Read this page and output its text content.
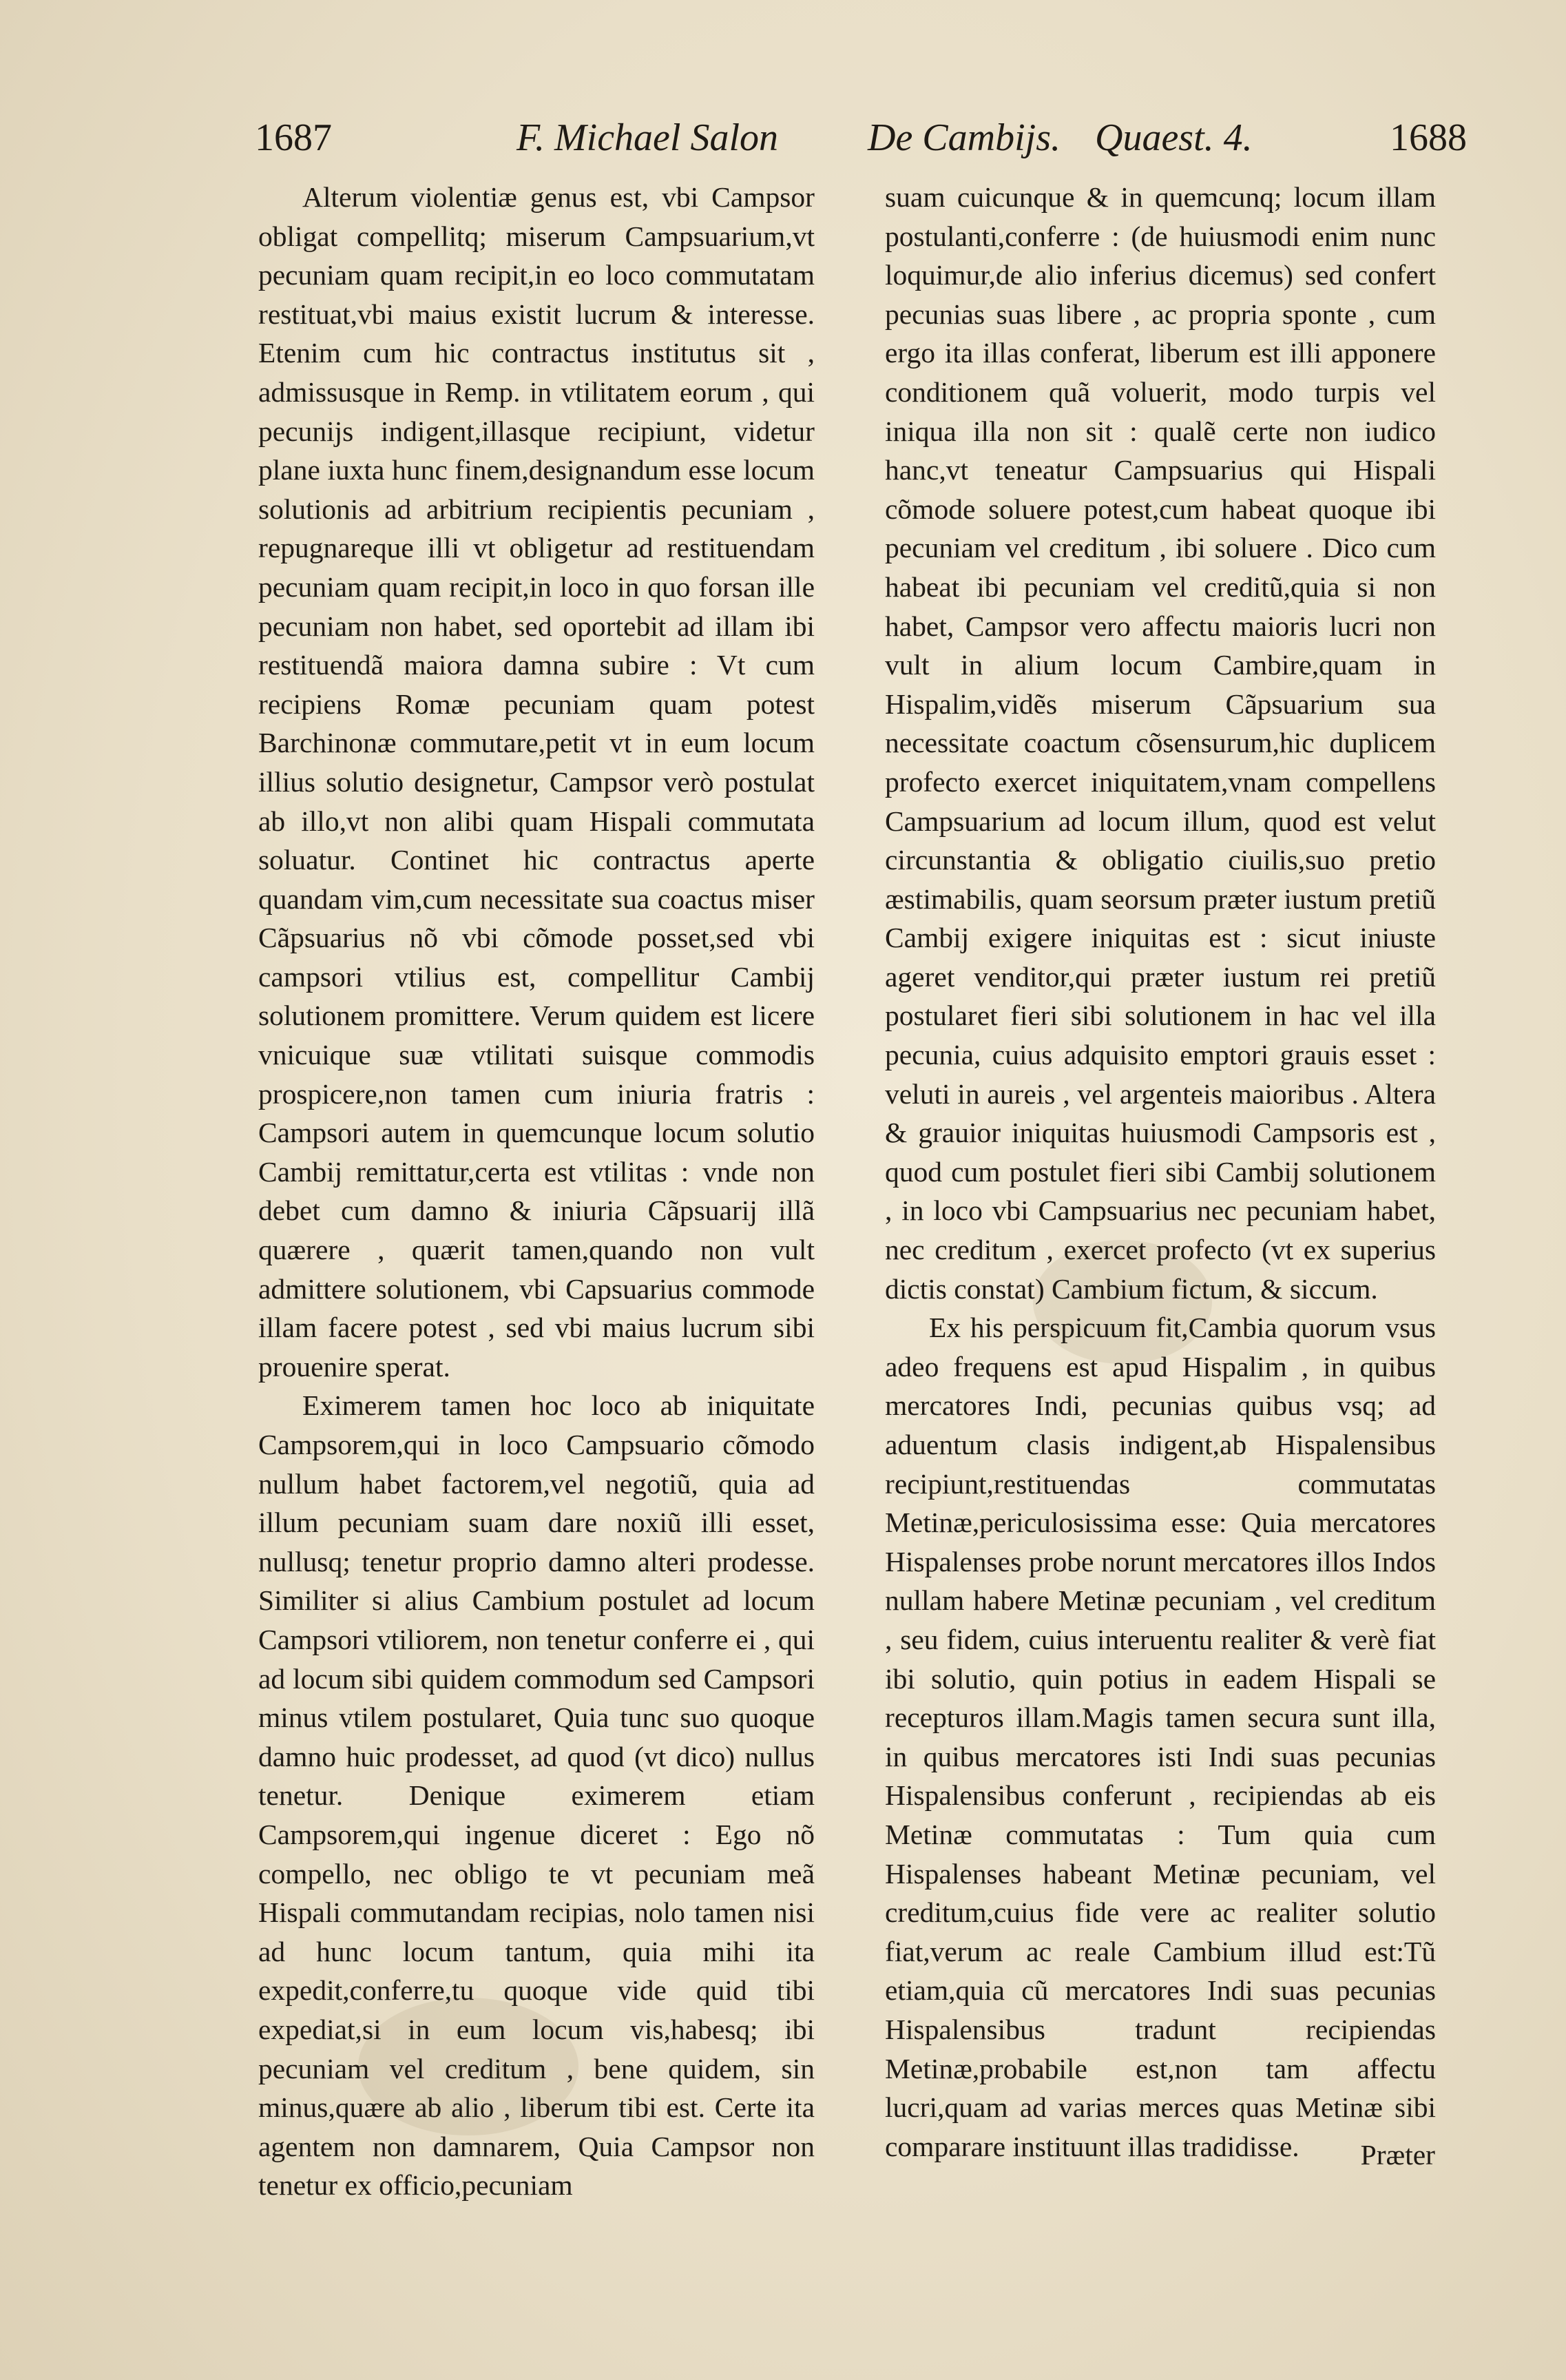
1687	F. Michael Salon De Cambijs. Quaest. 4.	1688

Alterum violentiæ genus est, vbi Campsor obligat compellitq; miserum Campsuarium,vt pecuniam quam recipit,in eo loco commutatam restituat,vbi maius existit lucrum & interesse. Etenim cum hic contractus institutus sit , admissusque in Remp. in vtilitatem eorum , qui pecunijs indigent,illasque recipiunt, videtur plane iuxta hunc finem,designandum esse locum solutionis ad arbitrium recipientis pecuniam , repugnareque illi vt obligetur ad restituendam pecuniam quam recipit,in loco in quo forsan ille pecuniam non habet, sed oportebit ad illam ibi restituendã maiora damna subire : Vt cum recipiens Romæ pecuniam quam potest Barchinonæ commutare,petit vt in eum locum illius solutio designetur, Campsor verò postulat ab illo,vt non alibi quam Hispali commutata soluatur. Continet hic contractus aperte quandam vim,cum necessitate sua coactus miser Cãpsuarius nõ vbi cõmode posset,sed vbi campsori vtilius est, compellitur Cambij solutionem promittere. Verum quidem est licere vnicuique suæ vtilitati suisque commodis prospicere,non tamen cum iniuria fratris : Campsori autem in quemcunque locum solutio Cambij remittatur,certa est vtilitas : vnde non debet cum damno & iniuria Cãpsuarij illã quærere , quærit tamen,quando non vult admittere solutionem, vbi Capsuarius commode illam facere potest , sed vbi maius lucrum sibi prouenire sperat.

Eximerem tamen hoc loco ab iniquitate Campsorem,qui in loco Campsuario cõmodo nullum habet factorem,vel negotiũ, quia ad illum pecuniam suam dare noxiũ illi esset, nullusq; tenetur proprio damno alteri prodesse. Similiter si alius Cambium postulet ad locum Campsori vtiliorem, non tenetur conferre ei , qui ad locum sibi quidem commodum sed Campsori minus vtilem postularet, Quia tunc suo quoque damno huic prodesset, ad quod (vt dico) nullus tenetur. Denique eximerem etiam Campsorem,qui ingenue diceret : Ego nõ compello, nec obligo te vt pecuniam meã Hispali commutandam recipias, nolo tamen nisi ad hunc locum tantum, quia mihi ita expedit,conferre,tu quoque vide quid tibi expediat,si in eum locum vis,habesq; ibi pecuniam vel creditum , bene quidem, sin minus,quære ab alio , liberum tibi est. Certe ita agentem non damnarem, Quia Campsor non tenetur ex officio,pecuniam

suam cuicunque & in quemcunq; locum illam postulanti,conferre : (de huiusmodi enim nunc loquimur,de alio inferius dicemus) sed confert pecunias suas libere , ac propria sponte , cum ergo ita illas conferat, liberum est illi apponere conditionem quã voluerit, modo turpis vel iniqua illa non sit : qualẽ certe non iudico hanc,vt teneatur Campsuarius qui Hispali cõmode soluere potest,cum habeat quoque ibi pecuniam vel creditum , ibi soluere . Dico cum habeat ibi pecuniam vel creditũ,quia si non habet, Campsor vero affectu maioris lucri non vult in alium locum Cambire,quam in Hispalim,vidẽs miserum Cãpsuarium sua necessitate coactum cõsensurum,hic duplicem profecto exercet iniquitatem,vnam compellens Campsuarium ad locum illum, quod est velut circunstantia & obligatio ciuilis,suo pretio æstimabilis, quam seorsum præter iustum pretiũ Cambij exigere iniquitas est : sicut iniuste ageret venditor,qui præter iustum rei pretiũ postularet fieri sibi solutionem in hac vel illa pecunia, cuius adquisito emptori grauis esset : veluti in aureis , vel argenteis maioribus . Altera & grauior iniquitas huiusmodi Campsoris est , quod cum postulet fieri sibi Cambij solutionem , in loco vbi Campsuarius nec pecuniam habet, nec creditum , exercet profecto (vt ex superius dictis constat) Cambium fictum, & siccum.

Ex his perspicuum fit,Cambia quorum vsus adeo frequens est apud Hispalim , in quibus mercatores Indi, pecunias quibus vsq; ad aduentum clasis indigent,ab Hispalensibus recipiunt,restituendas commutatas Metinæ,periculosissima esse: Quia mercatores Hispalenses probe norunt mercatores illos Indos nullam habere Metinæ pecuniam , vel creditum , seu fidem, cuius interuentu realiter & verè fiat ibi solutio, quin potius in eadem Hispali se recepturos illam.Magis tamen secura sunt illa, in quibus mercatores isti Indi suas pecunias Hispalensibus conferunt , recipiendas ab eis Metinæ commutatas : Tum quia cum Hispalenses habeant Metinæ pecuniam, vel creditum,cuius fide vere ac realiter solutio fiat,verum ac reale Cambium illud est:Tũ etiam,quia cũ mercatores Indi suas pecunias Hispalensibus tradunt recipiendas Metinæ,probabile est,non tam affectu lucri,quam ad varias merces quas Metinæ sibi comparare instituunt illas tradidisse.	Præter
